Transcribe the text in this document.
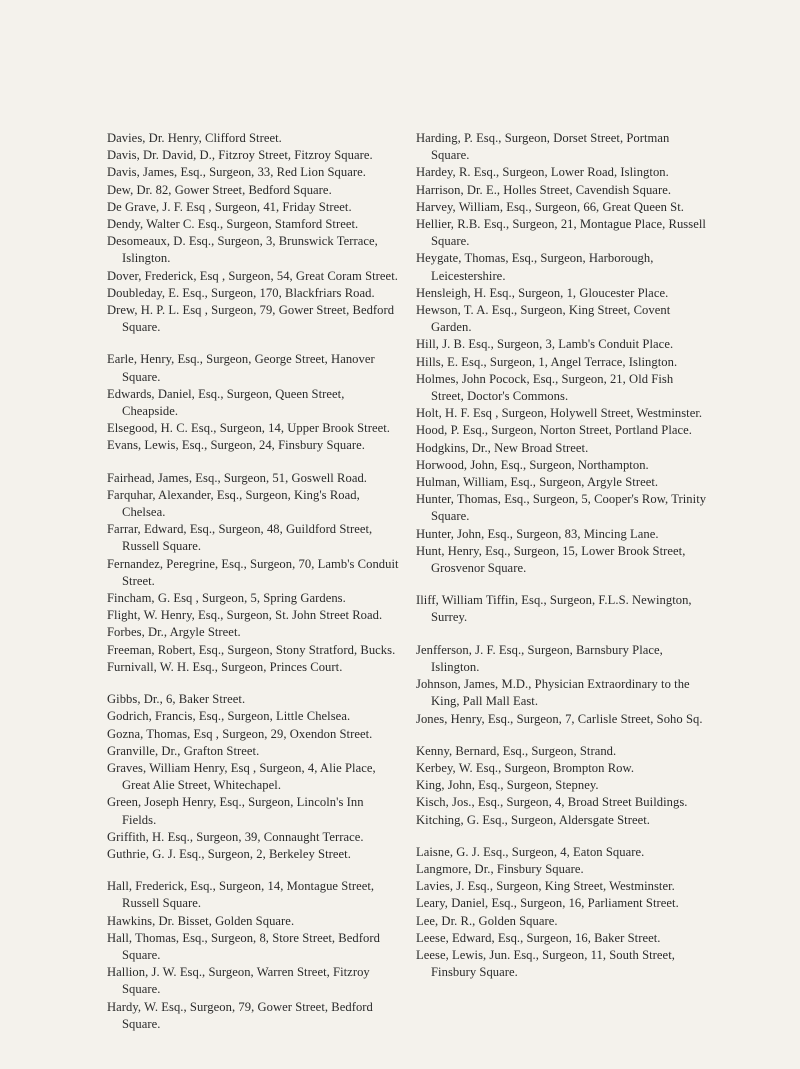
Davies, Dr. Henry, Clifford Street.
Davis, Dr. David, D., Fitzroy Street, Fitzroy Square.
Davis, James, Esq., Surgeon, 33, Red Lion Square.
Dew, Dr. 82, Gower Street, Bedford Square.
De Grave, J. F. Esq , Surgeon, 41, Friday Street.
Dendy, Walter C. Esq., Surgeon, Stamford Street.
Desomeaux, D. Esq., Surgeon, 3, Brunswick Terrace, Islington.
Dover, Frederick, Esq , Surgeon, 54, Great Coram Street.
Doubleday, E. Esq., Surgeon, 170, Blackfriars Road.
Drew, H. P. L. Esq , Surgeon, 79, Gower Street, Bedford Square.
Earle, Henry, Esq., Surgeon, George Street, Hanover Square.
Edwards, Daniel, Esq., Surgeon, Queen Street, Cheapside.
Elsegood, H. C. Esq., Surgeon, 14, Upper Brook Street.
Evans, Lewis, Esq., Surgeon, 24, Finsbury Square.
Fairhead, James, Esq., Surgeon, 51, Goswell Road.
Farquhar, Alexander, Esq., Surgeon, King's Road, Chelsea.
Farrar, Edward, Esq., Surgeon, 48, Guildford Street, Russell Square.
Fernandez, Peregrine, Esq., Surgeon, 70, Lamb's Conduit Street.
Fincham, G. Esq , Surgeon, 5, Spring Gardens.
Flight, W. Henry, Esq., Surgeon, St. John Street Road.
Forbes, Dr., Argyle Street.
Freeman, Robert, Esq., Surgeon, Stony Stratford, Bucks.
Furnivall, W. H. Esq., Surgeon, Princes Court.
Gibbs, Dr., 6, Baker Street.
Godrich, Francis, Esq., Surgeon, Little Chelsea.
Gozna, Thomas, Esq , Surgeon, 29, Oxendon Street.
Granville, Dr., Grafton Street.
Graves, William Henry, Esq , Surgeon, 4, Alie Place, Great Alie Street, Whitechapel.
Green, Joseph Henry, Esq., Surgeon, Lincoln's Inn Fields.
Griffith, H. Esq., Surgeon, 39, Connaught Terrace.
Guthrie, G. J. Esq., Surgeon, 2, Berkeley Street.
Hall, Frederick, Esq., Surgeon, 14, Montague Street, Russell Square.
Hawkins, Dr. Bisset, Golden Square.
Hall, Thomas, Esq., Surgeon, 8, Store Street, Bedford Square.
Hallion, J. W. Esq., Surgeon, Warren Street, Fitzroy Square.
Hardy, W. Esq., Surgeon, 79, Gower Street, Bedford Square.
Harding, P. Esq., Surgeon, Dorset Street, Portman Square.
Hardey, R. Esq., Surgeon, Lower Road, Islington.
Harrison, Dr. E., Holles Street, Cavendish Square.
Harvey, William, Esq., Surgeon, 66, Great Queen St.
Hellier, R.B. Esq., Surgeon, 21, Montague Place, Russell Square.
Heygate, Thomas, Esq., Surgeon, Harborough, Leicestershire.
Hensleigh, H. Esq., Surgeon, 1, Gloucester Place.
Hewson, T. A. Esq., Surgeon, King Street, Covent Garden.
Hill, J. B. Esq., Surgeon, 3, Lamb's Conduit Place.
Hills, E. Esq., Surgeon, 1, Angel Terrace, Islington.
Holmes, John Pocock, Esq., Surgeon, 21, Old Fish Street, Doctor's Commons.
Holt, H. F. Esq , Surgeon, Holywell Street, Westminster.
Hood, P. Esq., Surgeon, Norton Street, Portland Place.
Hodgkins, Dr., New Broad Street.
Horwood, John, Esq., Surgeon, Northampton.
Hulman, William, Esq., Surgeon, Argyle Street.
Hunter, Thomas, Esq., Surgeon, 5, Cooper's Row, Trinity Square.
Hunter, John, Esq., Surgeon, 83, Mincing Lane.
Hunt, Henry, Esq., Surgeon, 15, Lower Brook Street, Grosvenor Square.
Iliff, William Tiffin, Esq., Surgeon, F.L.S. Newington, Surrey.
Jenfferson, J. F. Esq., Surgeon, Barnsbury Place, Islington.
Johnson, James, M.D., Physician Extraordinary to the King, Pall Mall East.
Jones, Henry, Esq., Surgeon, 7, Carlisle Street, Soho Sq.
Kenny, Bernard, Esq., Surgeon, Strand.
Kerbey, W. Esq., Surgeon, Brompton Row.
King, John, Esq., Surgeon, Stepney.
Kisch, Jos., Esq., Surgeon, 4, Broad Street Buildings.
Kitching, G. Esq., Surgeon, Aldersgate Street.
Laisne, G. J. Esq., Surgeon, 4, Eaton Square.
Langmore, Dr., Finsbury Square.
Lavies, J. Esq., Surgeon, King Street, Westminster.
Leary, Daniel, Esq., Surgeon, 16, Parliament Street.
Lee, Dr. R., Golden Square.
Leese, Edward, Esq., Surgeon, 16, Baker Street.
Leese, Lewis, Jun. Esq., Surgeon, 11, South Street, Finsbury Square.
